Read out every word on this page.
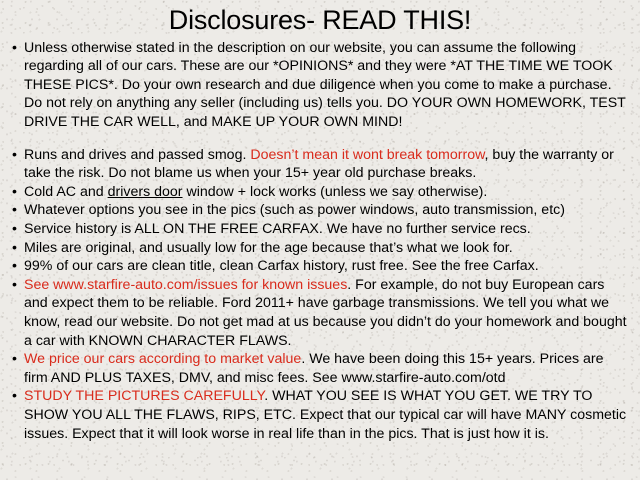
Disclosures- READ THIS!
• Unless otherwise stated in the description on our website, you can assume the following regarding all of our cars. These are our *OPINIONS* and they were *AT THE TIME WE TOOK THESE PICS*. Do your own research and due diligence when you come to make a purchase. Do not rely on anything any seller (including us) tells you. DO YOUR OWN HOMEWORK, TEST DRIVE THE CAR WELL, and MAKE UP YOUR OWN MIND!
• Runs and drives and passed smog. Doesn’t mean it wont break tomorrow, buy the warranty or take the risk. Do not blame us when your 15+ year old purchase breaks.
• Cold AC and drivers door window + lock works (unless we say otherwise).
• Whatever options you see in the pics (such as power windows, auto transmission, etc)
• Service history is ALL ON THE FREE CARFAX. We have no further service recs.
• Miles are original, and usually low for the age because that’s what we look for.
• 99% of our cars are clean title, clean Carfax history, rust free. See the free Carfax.
• See www.starfire-auto.com/issues for known issues. For example, do not buy European cars and expect them to be reliable. Ford 2011+ have garbage transmissions. We tell you what we know, read our website. Do not get mad at us because you didn’t do your homework and bought a car with KNOWN CHARACTER FLAWS.
• We price our cars according to market value. We have been doing this 15+ years. Prices are firm AND PLUS TAXES, DMV, and misc fees. See www.starfire-auto.com/otd
• STUDY THE PICTURES CAREFULLY. WHAT YOU SEE IS WHAT YOU GET. WE TRY TO SHOW YOU ALL THE FLAWS, RIPS, ETC. Expect that our typical car will have MANY cosmetic issues. Expect that it will look worse in real life than in the pics. That is just how it is.
